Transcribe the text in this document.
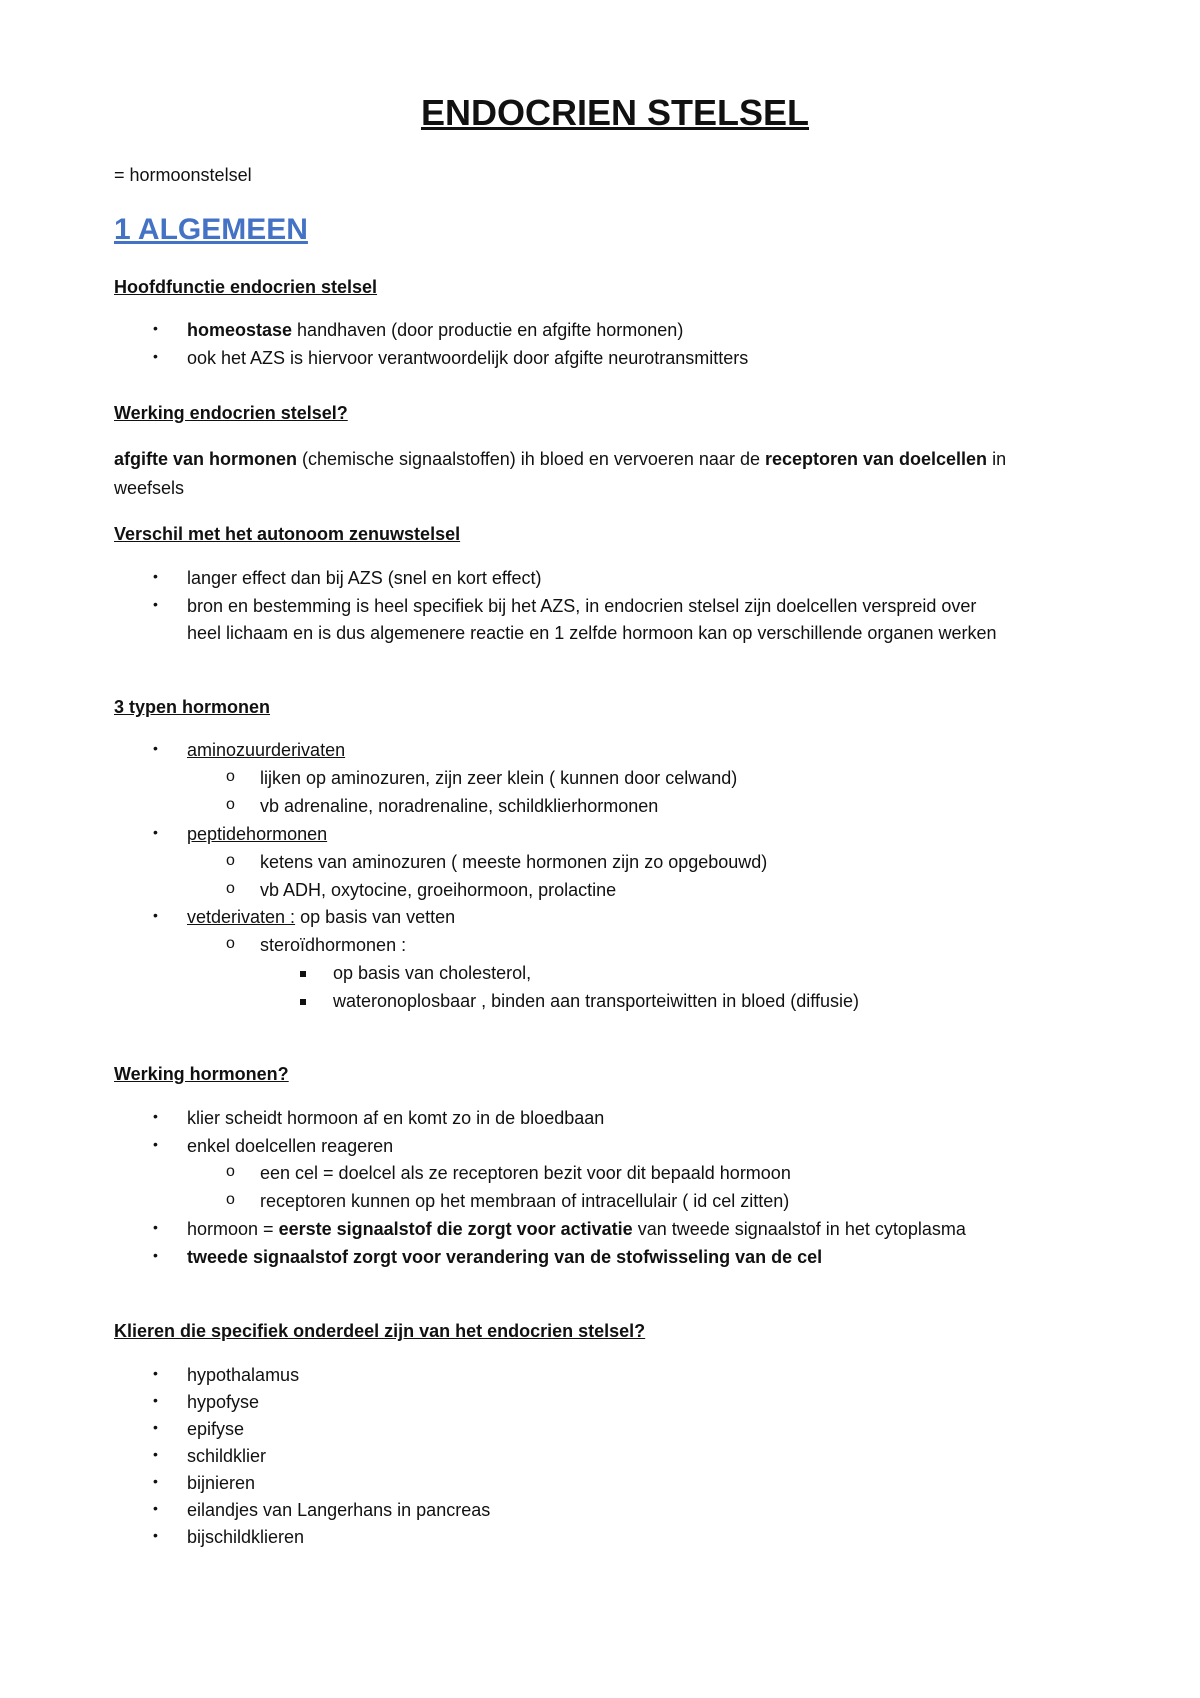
ENDOCRIEN STELSEL
= hormoonstelsel
1 ALGEMEEN
Hoofdfunctie endocrien stelsel
• homeostase handhaven (door productie en afgifte hormonen)
• ook het AZS is hiervoor verantwoordelijk door afgifte neurotransmitters
Werking endocrien stelsel?
afgifte van hormonen (chemische signaalstoffen) ih bloed en vervoeren naar de receptoren van doelcellen in
weefsels
Verschil met het autonoom zenuwstelsel
• langer effect dan bij AZS (snel en kort effect)
• bron en bestemming is heel specifiek bij het AZS, in endocrien stelsel zijn doelcellen verspreid over
heel lichaam en is dus algemenere reactie en 1 zelfde hormoon kan op verschillende organen werken
3 typen hormonen
• aminozuurderivaten
o lijken op aminozuren, zijn zeer klein ( kunnen door celwand)
o vb adrenaline, noradrenaline, schildklierhormonen
• peptidehormonen
o ketens van aminozuren ( meeste hormonen zijn zo opgebouwd)
o vb ADH, oxytocine, groeihormoon, prolactine
• vetderivaten : op basis van vetten
o steroïdhormonen :
op basis van cholesterol,
wateronoplosbaar , binden aan transporteiwitten in bloed (diffusie)
Werking hormonen?
• klier scheidt hormoon af en komt zo in de bloedbaan
• enkel doelcellen reageren
o een cel = doelcel als ze receptoren bezit voor dit bepaald hormoon
o receptoren kunnen op het membraan of intracellulair ( id cel zitten)
• hormoon = eerste signaalstof die zorgt voor activatie van tweede signaalstof in het cytoplasma
• tweede signaalstof zorgt voor verandering van de stofwisseling van de cel
Klieren die specifiek onderdeel zijn van het endocrien stelsel?
• hypothalamus
• hypofyse
• epifyse
• schildklier
• bijnieren
• eilandjes van Langerhans in pancreas
• bijschildklieren
